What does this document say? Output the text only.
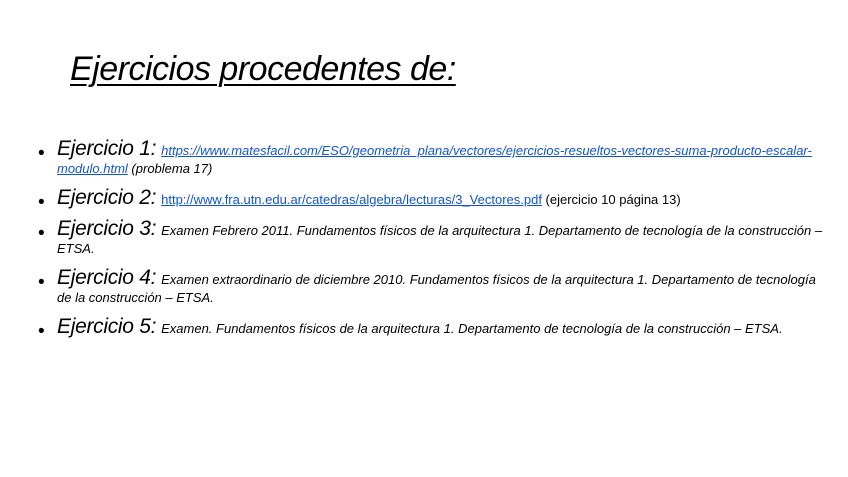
Ejercicios procedentes de:
• Ejercicio 1: https://www.matesfacil.com/ESO/geometria_plana/vectores/ejercicios-resueltos-vectores-suma-producto-escalar-modulo.html (problema 17)
• Ejercicio 2: http://www.fra.utn.edu.ar/catedras/algebra/lecturas/3_Vectores.pdf (ejercicio 10 página 13)
• Ejercicio 3: Examen Febrero 2011. Fundamentos físicos de la arquitectura 1. Departamento de tecnología de la construcción – ETSA.
• Ejercicio 4: Examen extraordinario de diciembre 2010. Fundamentos físicos de la arquitectura 1. Departamento de tecnología de la construcción – ETSA.
• Ejercicio 5: Examen. Fundamentos físicos de la arquitectura 1. Departamento de tecnología de la construcción – ETSA.
